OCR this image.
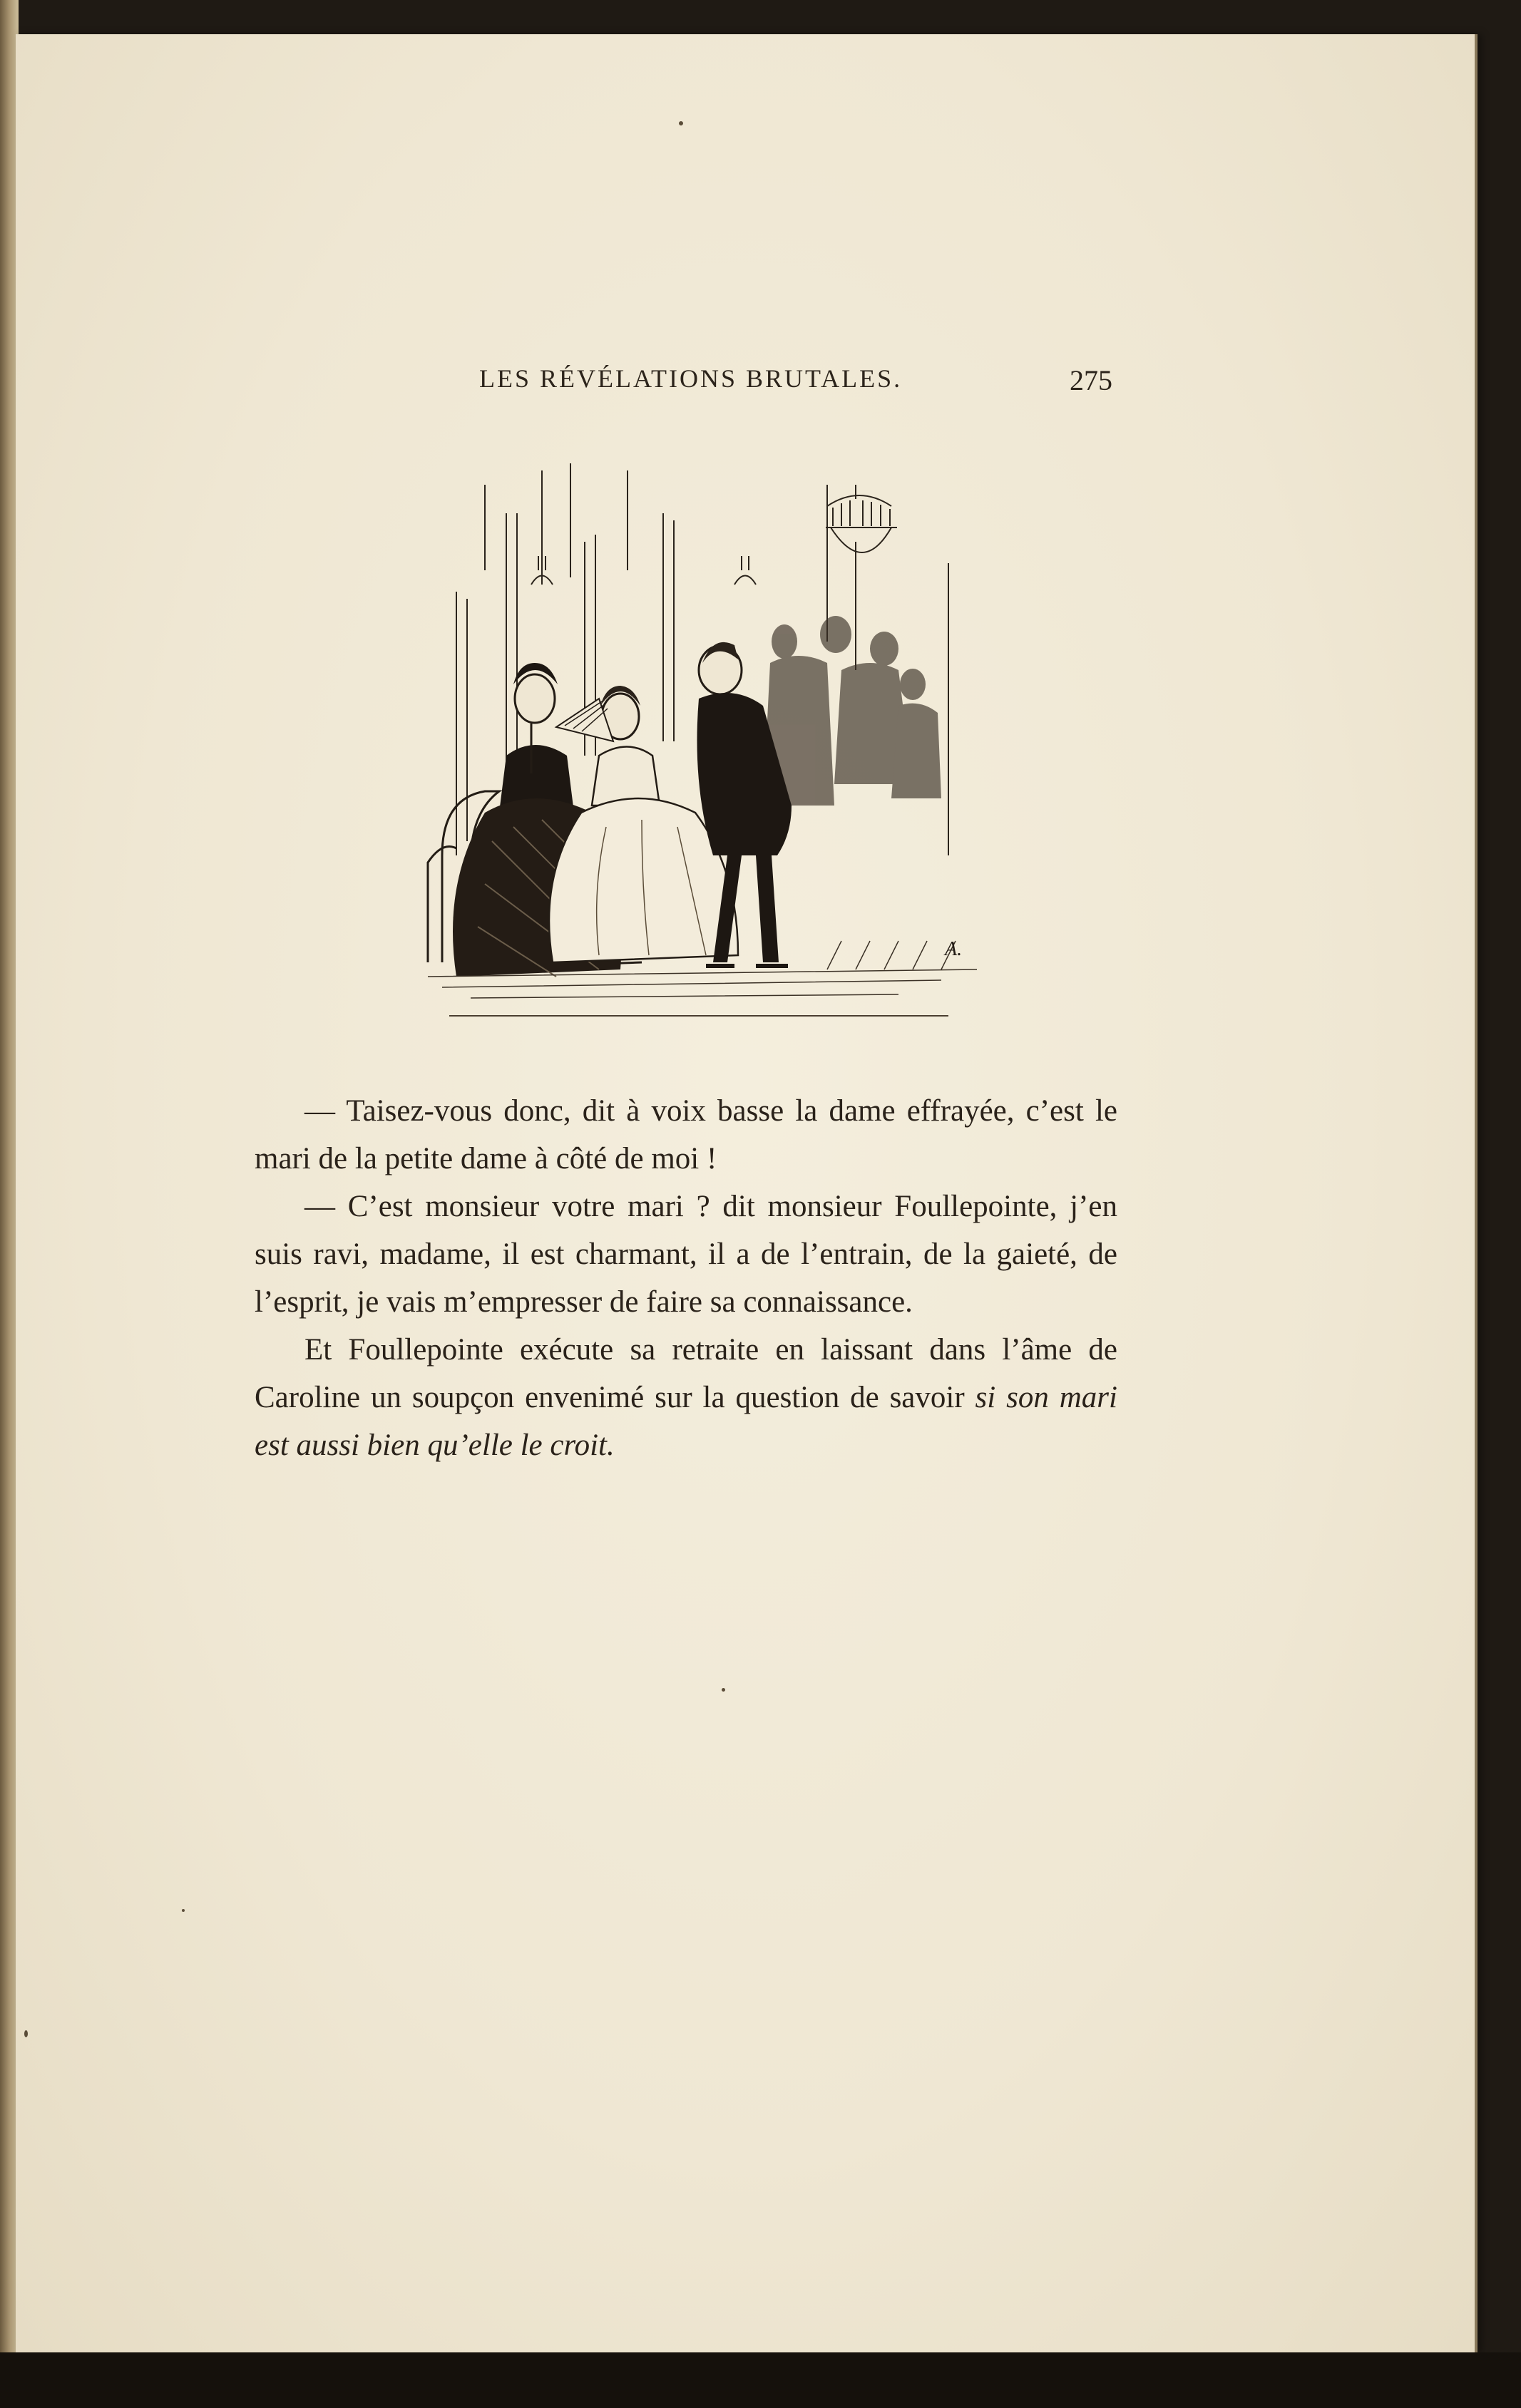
LES RÉVÉLATIONS BRUTALES.	275
A.

— Taisez-vous donc, dit à voix basse la dame effrayée, c’est le mari de la petite dame à côté de moi !

— C’est monsieur votre mari ? dit monsieur Foullepointe, j’en suis ravi, madame, il est charmant, il a de l’entrain, de la gaieté, de l’esprit, je vais m’empresser de faire sa connaissance.

Et Foullepointe exécute sa retraite en laissant dans l’âme de Caroline un soupçon envenimé sur la question de savoir si son mari est aussi bien qu’elle le croit.
